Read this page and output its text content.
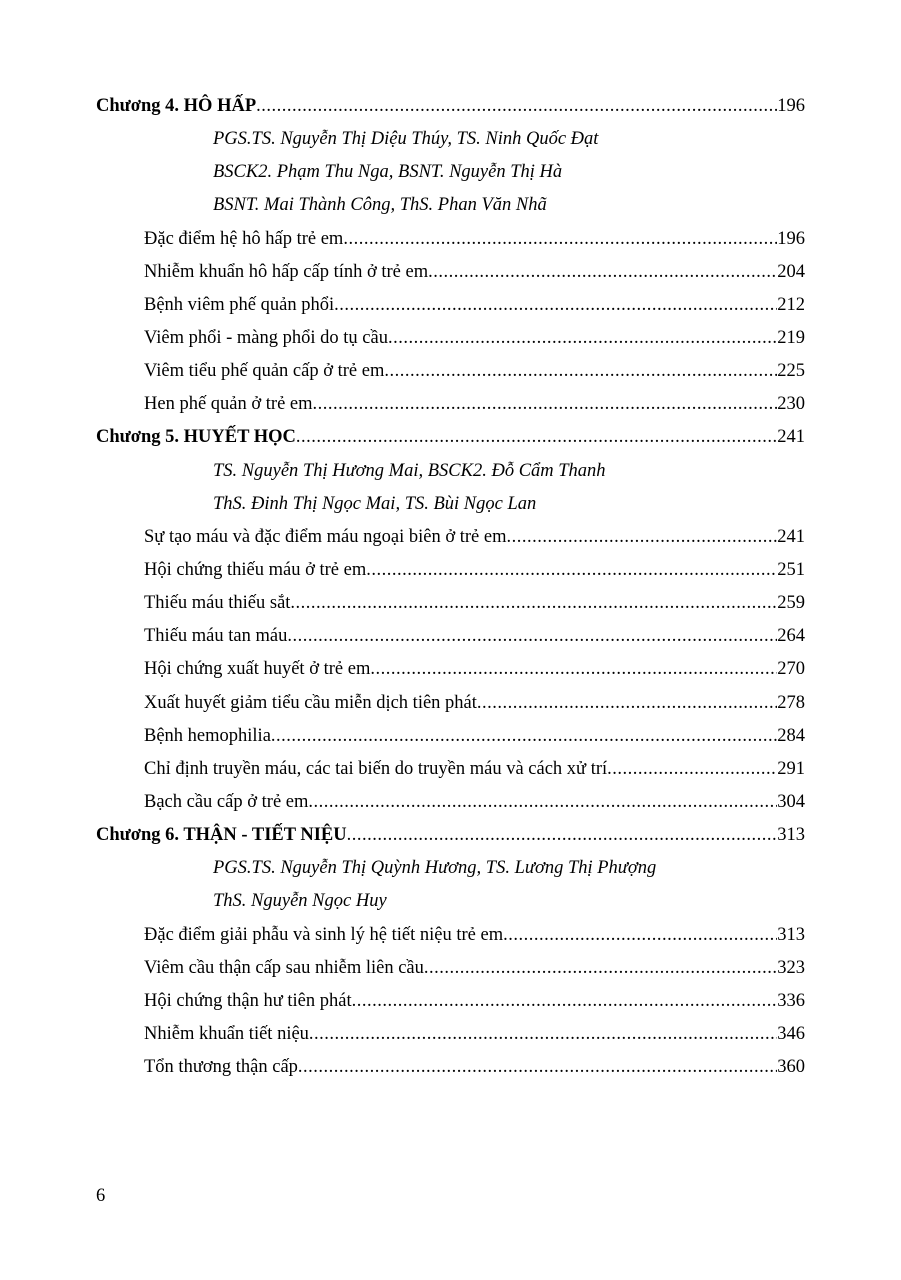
Chương 4. HÔ HẤP .....	196
PGS.TS. Nguyễn Thị Diệu Thúy, TS. Ninh Quốc Đạt
BSCK2. Phạm Thu Nga, BSNT. Nguyễn Thị Hà
BSNT. Mai Thành Công, ThS. Phan Văn Nhã
Đặc điểm hệ hô hấp trẻ em .....	196
Nhiễm khuẩn hô hấp cấp tính ở trẻ em .....	204
Bệnh viêm phế quản phổi .....	212
Viêm phổi - màng phổi do tụ cầu .....	219
Viêm tiểu phế quản cấp ở trẻ em .....	225
Hen phế quản ở trẻ em .....	230
Chương 5. HUYẾT HỌC .....	241
TS. Nguyễn Thị Hương Mai, BSCK2. Đỗ Cẩm Thanh
ThS. Đinh Thị Ngọc Mai, TS. Bùi Ngọc Lan
Sự tạo máu và đặc điểm máu ngoại biên ở trẻ em .....	241
Hội chứng thiếu máu ở trẻ em .....	251
Thiếu máu thiếu sắt .....	259
Thiếu máu tan máu .....	264
Hội chứng xuất huyết ở trẻ em .....	270
Xuất huyết giảm tiểu cầu miễn dịch tiên phát .....	278
Bệnh hemophilia .....	284
Chỉ định truyền máu, các tai biến do truyền máu và cách xử trí .....	291
Bạch cầu cấp ở trẻ em .....	304
Chương 6. THẬN - TIẾT NIỆU .....	313
PGS.TS. Nguyễn Thị Quỳnh Hương, TS. Lương Thị Phượng
ThS. Nguyễn Ngọc Huy
Đặc điểm giải phẫu và sinh lý hệ tiết niệu trẻ em .....	313
Viêm cầu thận cấp sau nhiễm liên cầu .....	323
Hội chứng thận hư tiên phát .....	336
Nhiễm khuẩn tiết niệu .....	346
Tổn thương thận cấp .....	360
6
